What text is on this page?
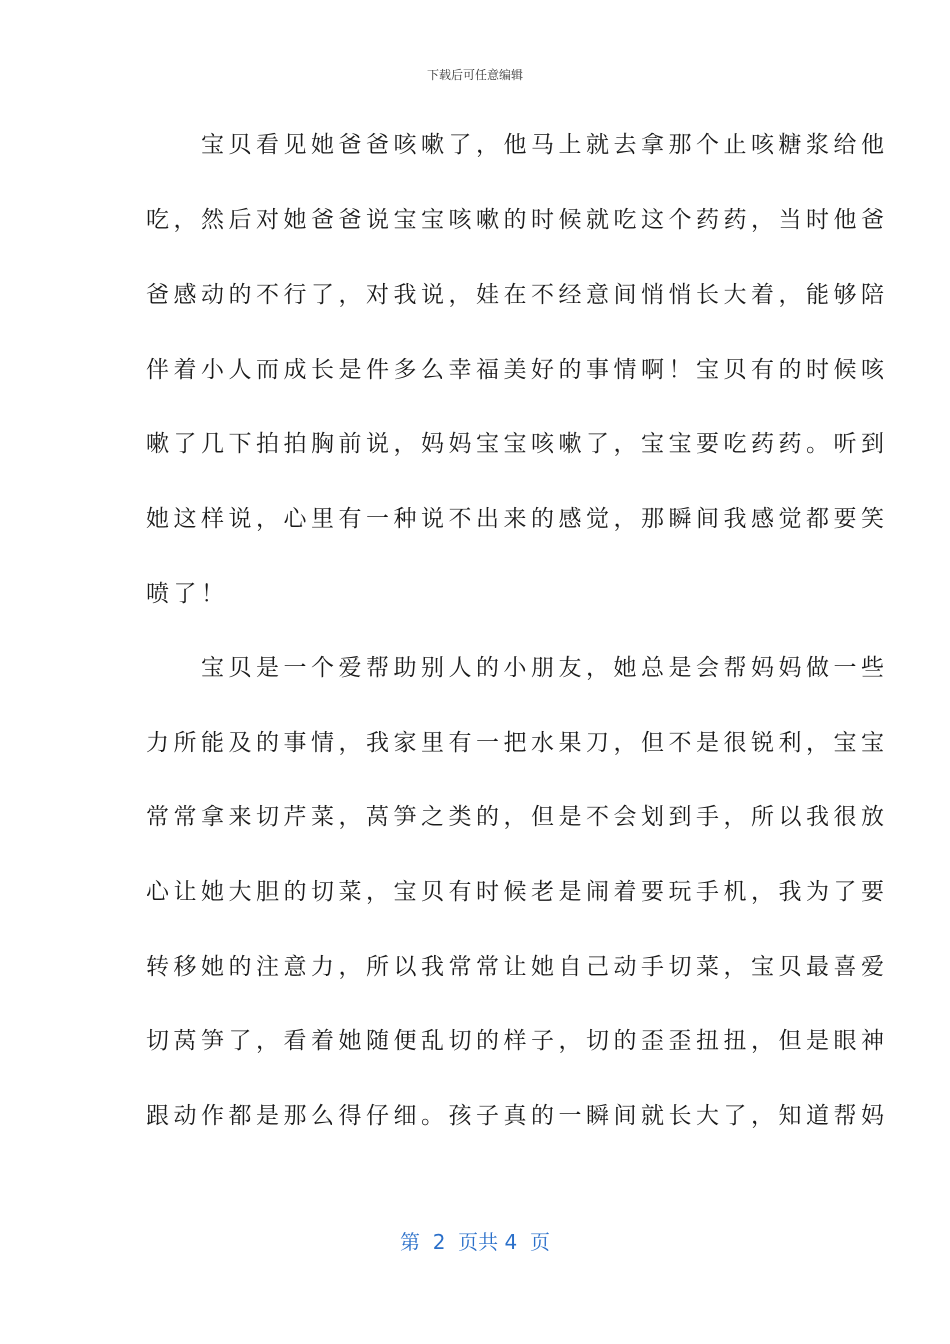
下载后可任意编辑
　　宝贝看见她爸爸咳嗽了，他马上就去拿那个止咳糖浆给他
吃，然后对她爸爸说宝宝咳嗽的时候就吃这个药药，当时他爸
爸感动的不行了，对我说，娃在不经意间悄悄长大着，能够陪
伴着小人而成长是件多么幸福美好的事情啊！宝贝有的时候咳
嗽了几下拍拍胸前说，妈妈宝宝咳嗽了，宝宝要吃药药。听到
她这样说，心里有一种说不出来的感觉，那瞬间我感觉都要笑
喷了！
　　宝贝是一个爱帮助别人的小朋友，她总是会帮妈妈做一些
力所能及的事情，我家里有一把水果刀，但不是很锐利，宝宝
常常拿来切芹菜，莴笋之类的，但是不会划到手，所以我很放
心让她大胆的切菜，宝贝有时候老是闹着要玩手机，我为了要
转移她的注意力，所以我常常让她自己动手切菜，宝贝最喜爱
切莴笋了，看着她随便乱切的样子，切的歪歪扭扭，但是眼神
跟动作都是那么得仔细。孩子真的一瞬间就长大了，知道帮妈
第  2  页共 4  页
